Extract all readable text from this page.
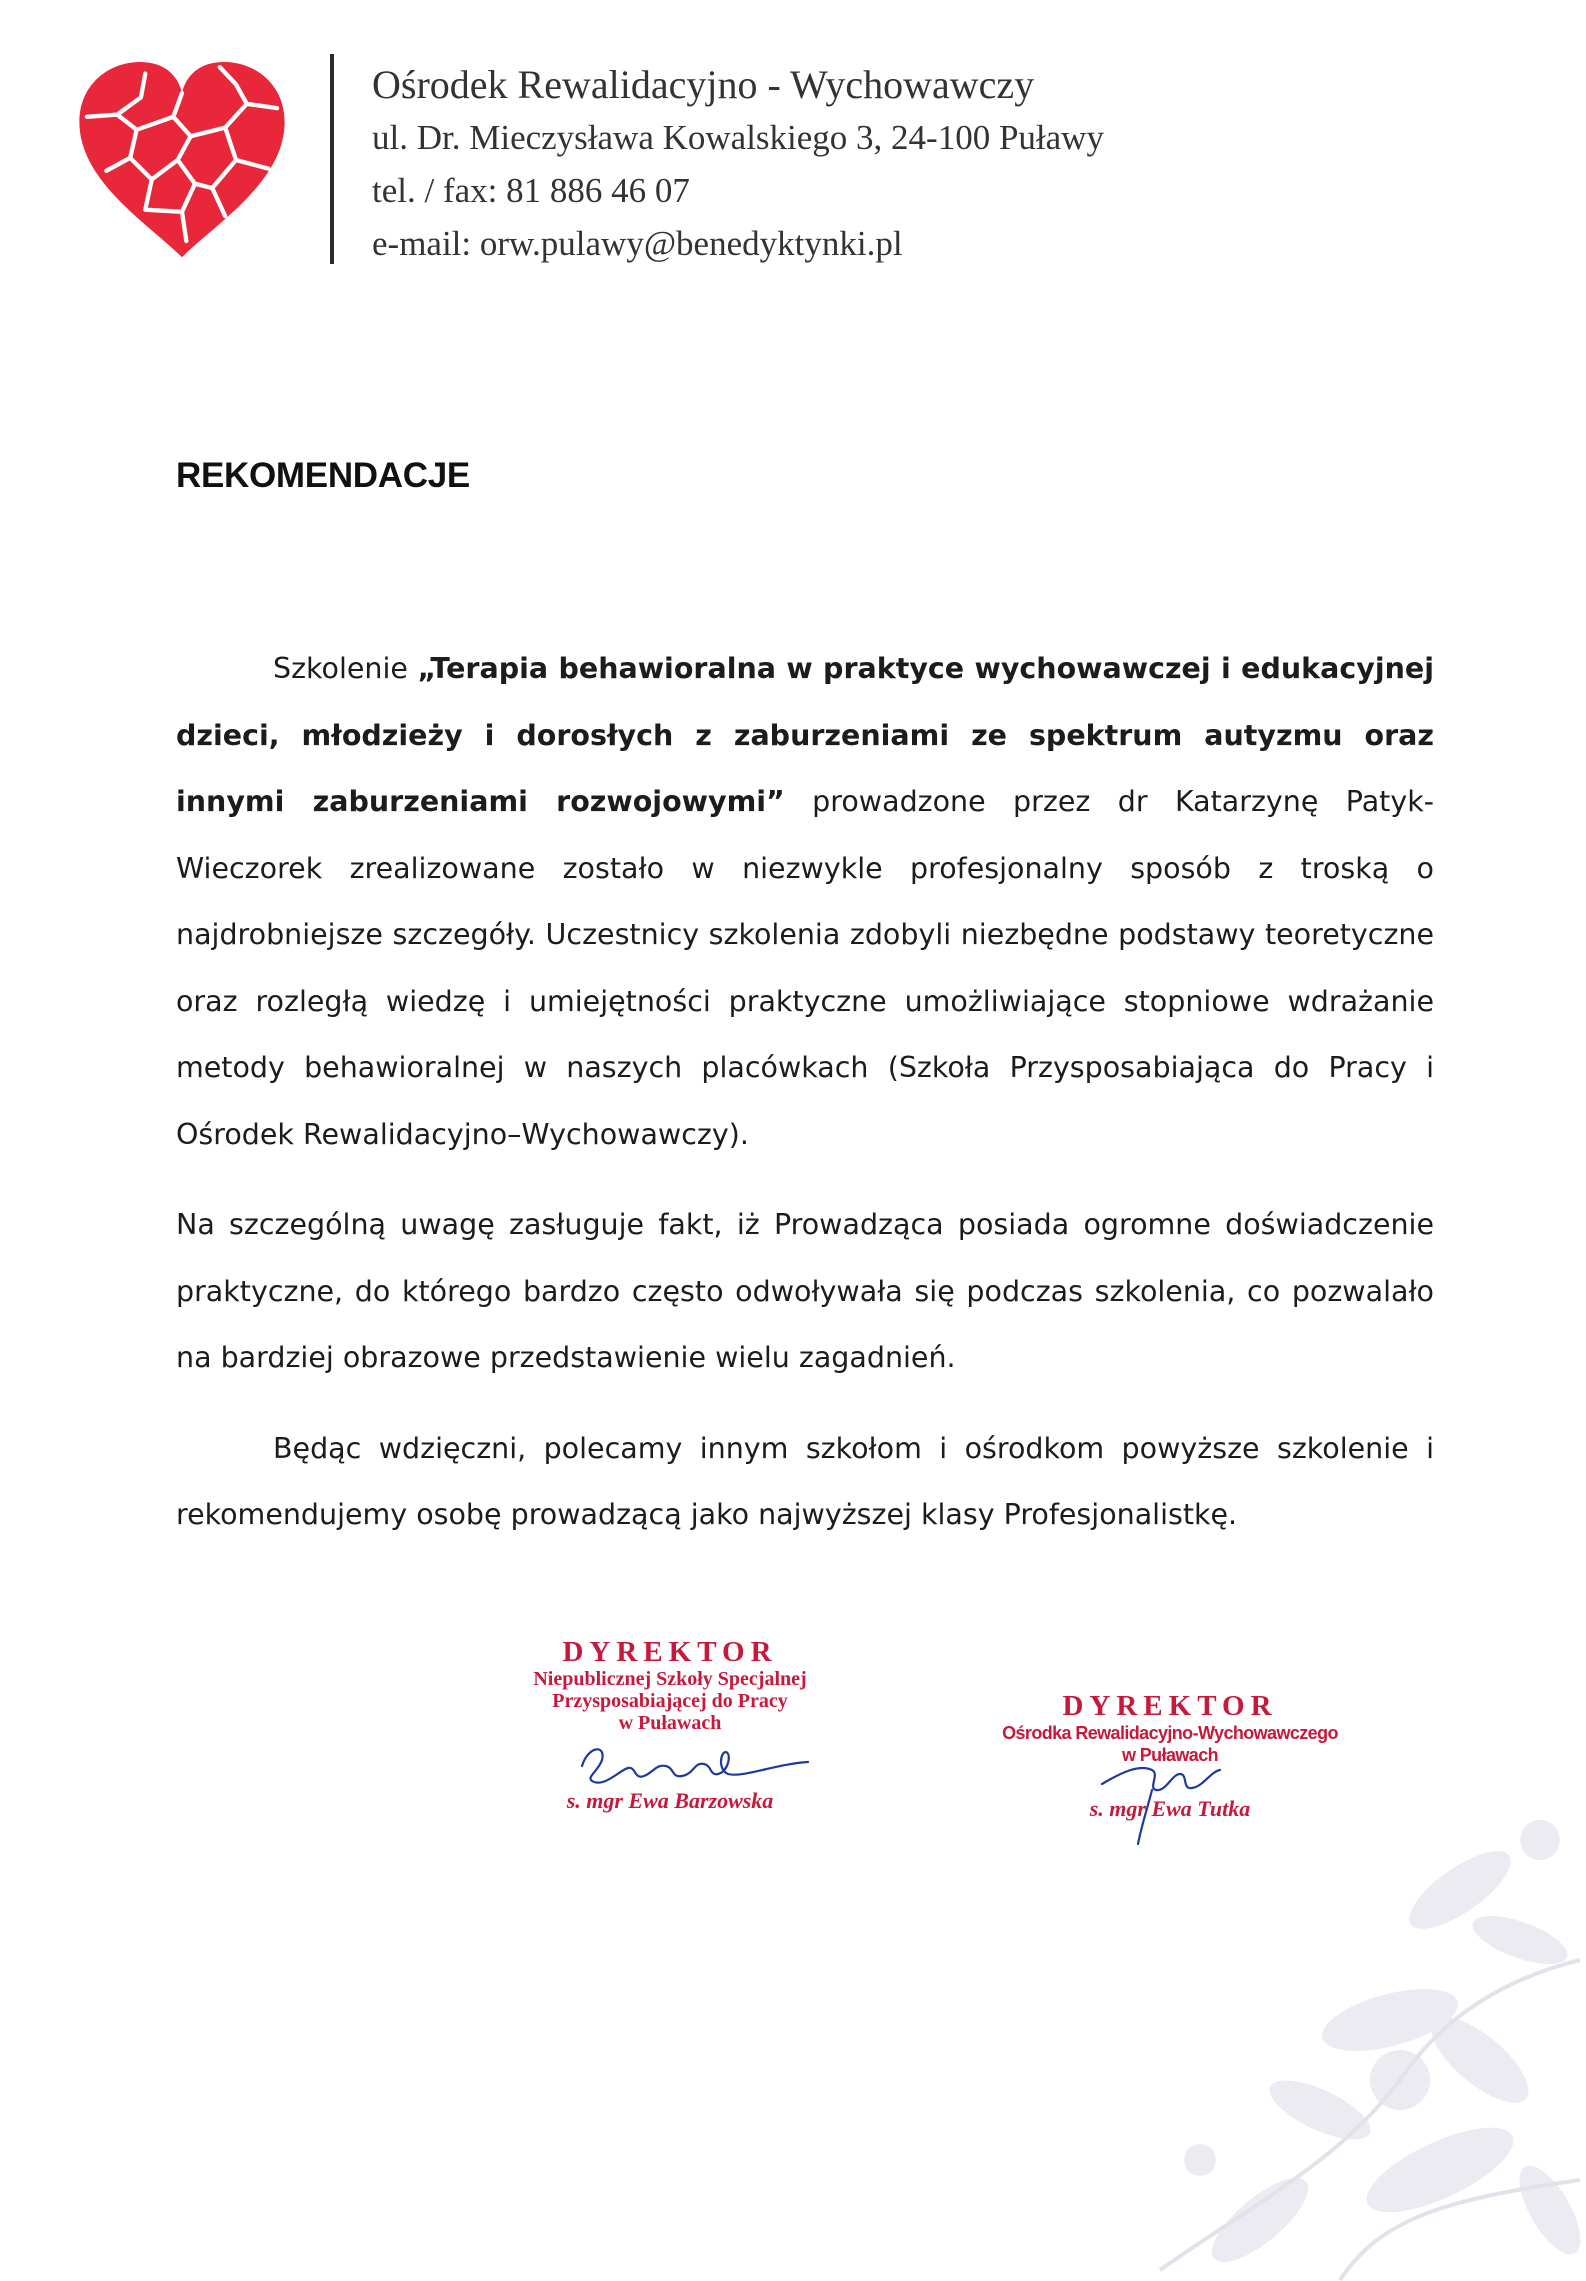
Ośrodek Rewalidacyjno - Wychowawczy
ul. Dr. Mieczysława Kowalskiego 3, 24-100 Puławy
tel. / fax: 81 886 46 07
e-mail: orw.pulawy@benedyktynki.pl
REKOMENDACJE

Szkolenie „Terapia behawioralna w praktyce wychowawczej i edukacyjnej dzieci, młodzieży i dorosłych z zaburzeniami ze spektrum autyzmu oraz innymi zaburzeniami rozwojowymi” prowadzone przez dr Katarzynę Patyk-Wieczorek zrealizowane zostało w niezwykle profesjonalny sposób z troską o najdrobniejsze szczegóły. Uczestnicy szkolenia zdobyli niezbędne podstawy teoretyczne oraz rozległą wiedzę i umiejętności praktyczne umożliwiające stopniowe wdrażanie metody behawioralnej w naszych placówkach (Szkoła Przysposabiająca do Pracy i Ośrodek Rewalidacyjno–Wychowawczy).

Na szczególną uwagę zasługuje fakt, iż Prowadząca posiada ogromne doświadczenie praktyczne, do którego bardzo często odwoływała się podczas szkolenia, co pozwalało na bardziej obrazowe przedstawienie wielu zagadnień.

Będąc wdzięczni, polecamy innym szkołom i ośrodkom powyższe szkolenie i rekomendujemy osobę prowadzącą jako najwyższej klasy Profesjonalistkę.

DYREKTOR
Niepublicznej Szkoły Specjalnej
Przysposabiającej do Pracy
w Puławach
s. mgr Ewa Barzowska
DYREKTOR
Ośrodka Rewalidacyjno-Wychowawczego
w Puławach
s. mgr Ewa Tutka
